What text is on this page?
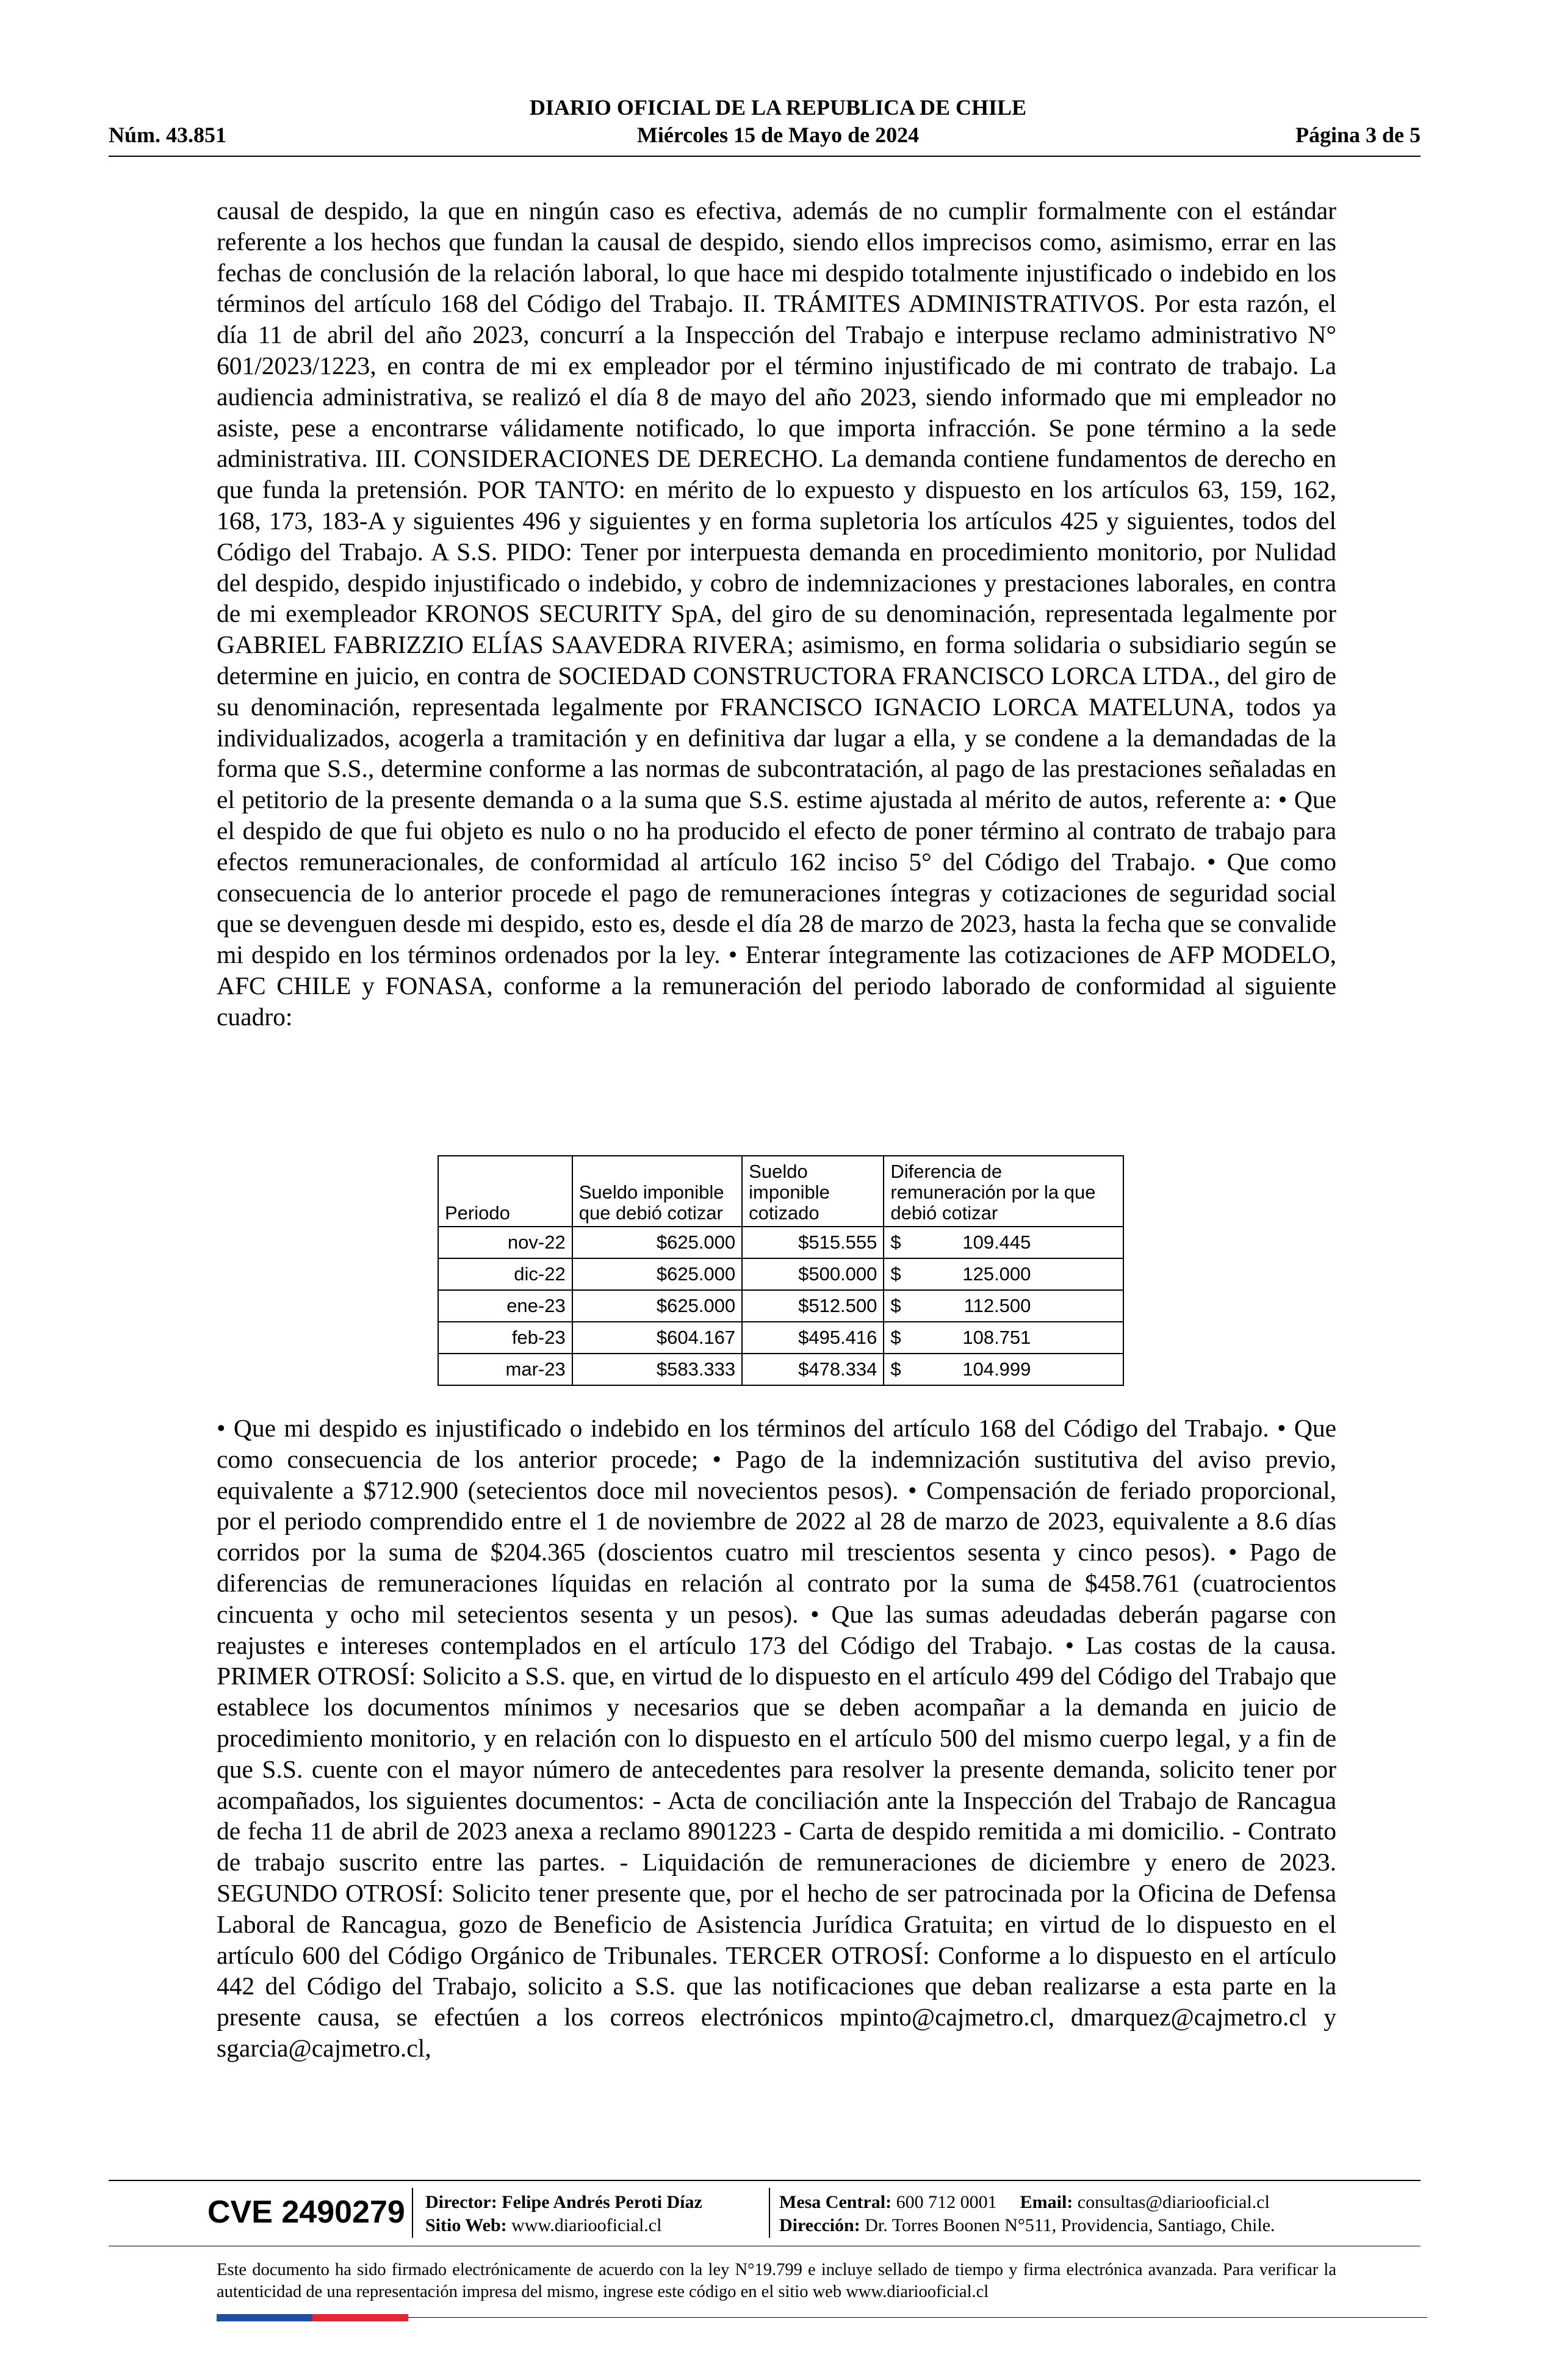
DIARIO OFICIAL DE LA REPUBLICA DE CHILE
Núm. 43.851	Miércoles 15 de Mayo de 2024	Página 3 de 5

causal de despido, la que en ningún caso es efectiva, además de no cumplir formalmente con el estándar referente a los hechos que fundan la causal de despido, siendo ellos imprecisos como, asimismo, errar en las fechas de conclusión de la relación laboral, lo que hace mi despido totalmente injustificado o indebido en los términos del artículo 168 del Código del Trabajo. II. TRÁMITES ADMINISTRATIVOS. Por esta razón, el día 11 de abril del año 2023, concurrí a la Inspección del Trabajo e interpuse reclamo administrativo N° 601/2023/1223, en contra de mi ex empleador por el término injustificado de mi contrato de trabajo. La audiencia administrativa, se realizó el día 8 de mayo del año 2023, siendo informado que mi empleador no asiste, pese a encontrarse válidamente notificado, lo que importa infracción. Se pone término a la sede administrativa. III. CONSIDERACIONES DE DERECHO. La demanda contiene fundamentos de derecho en que funda la pretensión. POR TANTO: en mérito de lo expuesto y dispuesto en los artículos 63, 159, 162, 168, 173, 183-A y siguientes 496 y siguientes y en forma supletoria los artículos 425 y siguientes, todos del Código del Trabajo. A S.S. PIDO: Tener por interpuesta demanda en procedimiento monitorio, por Nulidad del despido, despido injustificado o indebido, y cobro de indemnizaciones y prestaciones laborales, en contra de mi exempleador KRONOS SECURITY SpA, del giro de su denominación, representada legalmente por GABRIEL FABRIZZIO ELÍAS SAAVEDRA RIVERA; asimismo, en forma solidaria o subsidiario según se determine en juicio, en contra de SOCIEDAD CONSTRUCTORA FRANCISCO LORCA LTDA., del giro de su denominación, representada legalmente por FRANCISCO IGNACIO LORCA MATELUNA, todos ya individualizados, acogerla a tramitación y en definitiva dar lugar a ella, y se condene a la demandadas de la forma que S.S., determine conforme a las normas de subcontratación, al pago de las prestaciones señaladas en el petitorio de la presente demanda o a la suma que S.S. estime ajustada al mérito de autos, referente a: • Que el despido de que fui objeto es nulo o no ha producido el efecto de poner término al contrato de trabajo para efectos remuneracionales, de conformidad al artículo 162 inciso 5° del Código del Trabajo. • Que como consecuencia de lo anterior procede el pago de remuneraciones íntegras y cotizaciones de seguridad social que se devenguen desde mi despido, esto es, desde el día 28 de marzo de 2023, hasta la fecha que se convalide mi despido en los términos ordenados por la ley. • Enterar íntegramente las cotizaciones de AFP MODELO, AFC CHILE y FONASA, conforme a la remuneración del periodo laborado de conformidad al siguiente cuadro:

Periodo	Sueldo imponible que debió cotizar	Sueldo imponible cotizado	Diferencia de remuneración por la que debió cotizar
nov-22	$625.000	$515.555	$ 109.445
dic-22	$625.000	$500.000	$ 125.000
ene-23	$625.000	$512.500	$ 112.500
feb-23	$604.167	$495.416	$ 108.751
mar-23	$583.333	$478.334	$ 104.999

• Que mi despido es injustificado o indebido en los términos del artículo 168 del Código del Trabajo. • Que como consecuencia de los anterior procede; • Pago de la indemnización sustitutiva del aviso previo, equivalente a $712.900 (setecientos doce mil novecientos pesos). • Compensación de feriado proporcional, por el periodo comprendido entre el 1 de noviembre de 2022 al 28 de marzo de 2023, equivalente a 8.6 días corridos por la suma de $204.365 (doscientos cuatro mil trescientos sesenta y cinco pesos). • Pago de diferencias de remuneraciones líquidas en relación al contrato por la suma de $458.761 (cuatrocientos cincuenta y ocho mil setecientos sesenta y un pesos). • Que las sumas adeudadas deberán pagarse con reajustes e intereses contemplados en el artículo 173 del Código del Trabajo. • Las costas de la causa. PRIMER OTROSÍ: Solicito a S.S. que, en virtud de lo dispuesto en el artículo 499 del Código del Trabajo que establece los documentos mínimos y necesarios que se deben acompañar a la demanda en juicio de procedimiento monitorio, y en relación con lo dispuesto en el artículo 500 del mismo cuerpo legal, y a fin de que S.S. cuente con el mayor número de antecedentes para resolver la presente demanda, solicito tener por acompañados, los siguientes documentos: - Acta de conciliación ante la Inspección del Trabajo de Rancagua de fecha 11 de abril de 2023 anexa a reclamo 8901223 - Carta de despido remitida a mi domicilio. - Contrato de trabajo suscrito entre las partes. - Liquidación de remuneraciones de diciembre y enero de 2023. SEGUNDO OTROSÍ: Solicito tener presente que, por el hecho de ser patrocinada por la Oficina de Defensa Laboral de Rancagua, gozo de Beneficio de Asistencia Jurídica Gratuita; en virtud de lo dispuesto en el artículo 600 del Código Orgánico de Tribunales. TERCER OTROSÍ: Conforme a lo dispuesto en el artículo 442 del Código del Trabajo, solicito a S.S. que las notificaciones que deban realizarse a esta parte en la presente causa, se efectúen a los correos electrónicos mpinto@cajmetro.cl, dmarquez@cajmetro.cl y sgarcia@cajmetro.cl,

CVE 2490279 Director: Felipe Andrés Peroti Díaz
Sitio Web: www.diariooficial.cl
Mesa Central: 600 712 0001 Email: consultas@diariooficial.cl
Dirección: Dr. Torres Boonen N°511, Providencia, Santiago, Chile.

Este documento ha sido firmado electrónicamente de acuerdo con la ley N°19.799 e incluye sellado de tiempo y firma electrónica avanzada. Para verificar la autenticidad de una representación impresa del mismo, ingrese este código en el sitio web www.diariooficial.cl
